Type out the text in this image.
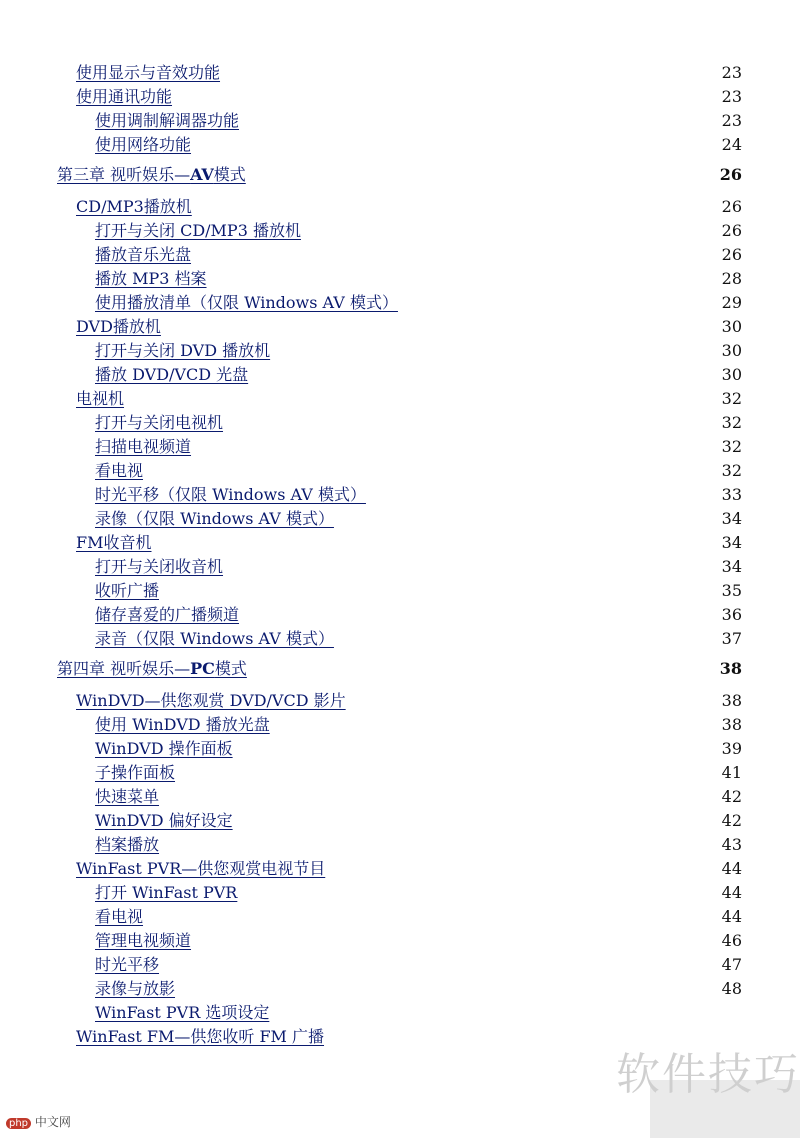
使用显示与音效功能	23
使用通讯功能	23
使用调制解调器功能	23
使用网络功能	24
第三章 视听娱乐—AV模式	26
CD/MP3播放机	26
打开与关闭 CD/MP3 播放机	26
播放音乐光盘	26
播放 MP3 档案	28
使用播放清单（仅限 Windows AV 模式）	29
DVD播放机	30
打开与关闭 DVD 播放机	30
播放 DVD/VCD 光盘	30
电视机	32
打开与关闭电视机	32
扫描电视频道	32
看电视	32
时光平移（仅限 Windows AV 模式）	33
录像（仅限 Windows AV 模式）	34
FM收音机	34
打开与关闭收音机	34
收听广播	35
储存喜爱的广播频道	36
录音（仅限 Windows AV 模式）	37
第四章 视听娱乐—PC模式	38
WinDVD—供您观赏 DVD/VCD 影片	38
使用 WinDVD 播放光盘	38
WinDVD 操作面板	39
子操作面板	41
快速菜单	42
WinDVD 偏好设定	42
档案播放	43
WinFast PVR—供您观赏电视节目	44
打开 WinFast PVR	44
看电视	44
管理电视频道	46
时光平移	47
录像与放影	48
WinFast PVR 选项设定
WinFast FM—供您收听 FM 广播
软件技巧
php 中文网
